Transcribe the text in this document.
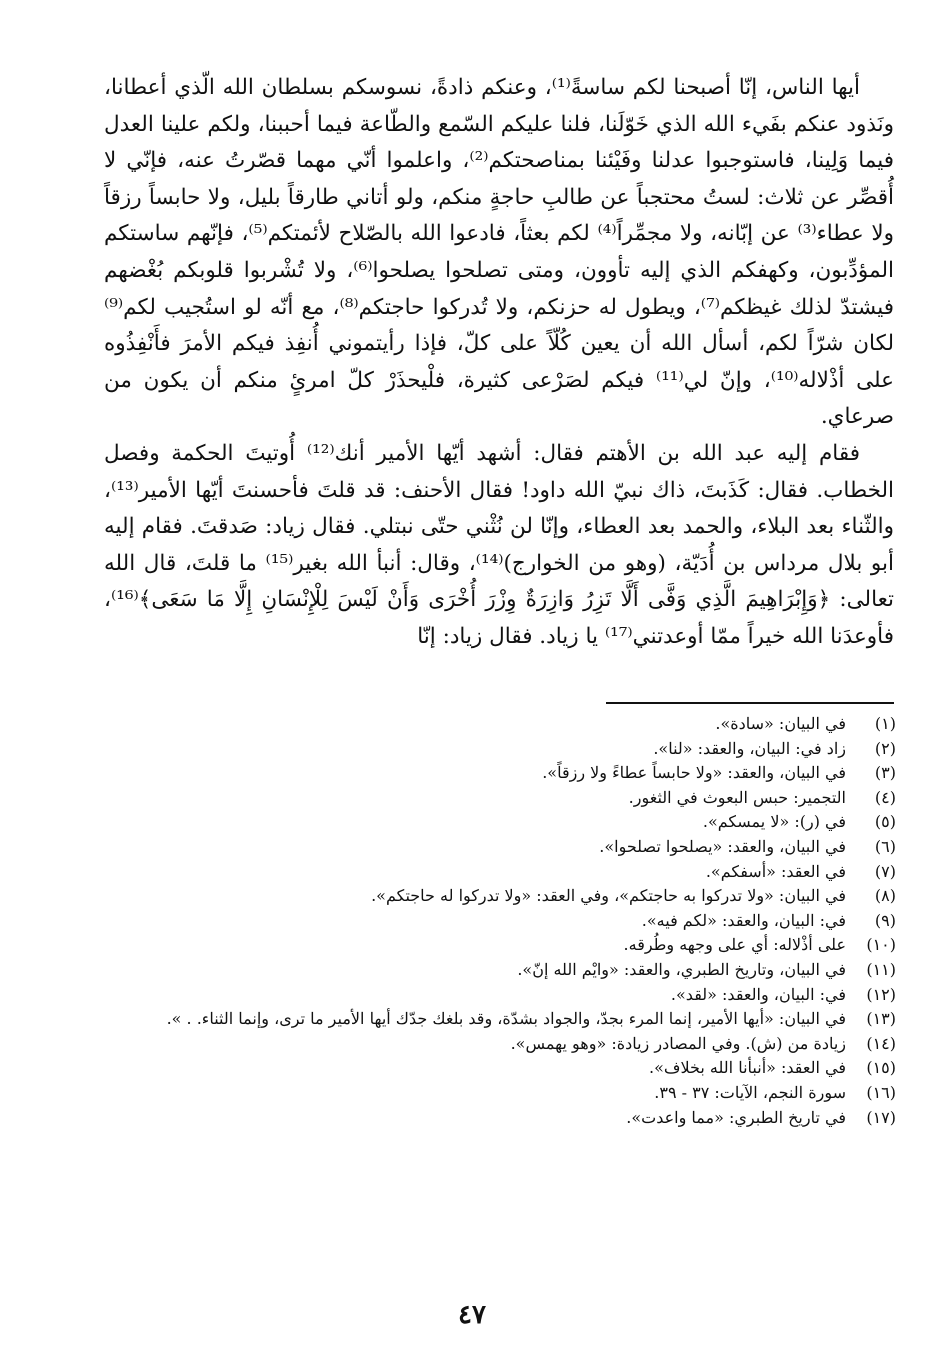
أيها الناس، إنّا أصبحنا لكم ساسةً⁽¹⁾، وعنكم ذادةً، نسوسكم بسلطان الله الّذي أعطانا، ونَذود عنكم بفَيء الله الذي خَوّلَنا، فلنا عليكم السّمع والطّاعة فيما أحببنا، ولكم علينا العدل فيما وَلِينا، فاستوجبوا عدلنا وفَيْئنا بمناصحتكم⁽²⁾، واعلموا أنّي مهما قصّرتُ عنه، فإنّي لا أُقصِّر عن ثلاث: لستُ محتجباً عن طالبِ حاجةٍ منكم، ولو أتاني طارقاً بليل، ولا حابساً رزقاً ولا عطاء⁽³⁾ عن إبّانه، ولا مجمِّراً⁽⁴⁾ لكم بعثاً، فادعوا الله بالصّلاح لأئمتكم⁽⁵⁾، فإنّهم ساستكم المؤدِّبون، وكهفكم الذي إليه تأوون، ومتى تصلحوا يصلحوا⁽⁶⁾، ولا تُشْربوا قلوبكم بُغْضهم فيشتدّ لذلك غيظكم⁽⁷⁾، ويطول له حزنكم، ولا تُدركوا حاجتكم⁽⁸⁾، مع أنّه لو استُجيب لكم⁽⁹⁾ لكان شرّاً لكم، أسأل الله أن يعين كُلّاً على كلّ، فإذا رأيتموني أُنفِذ فيكم الأمرَ فأَنْفِذُوه على أذْلاله⁽¹⁰⁾، وإنّ لي⁽¹¹⁾ فيكم لصَرْعى كثيرة، فلْيحذَرْ كلّ امرئٍ منكم أن يكون من صرعاي.

فقام إليه عبد الله بن الأهتم فقال: أشهد أيّها الأمير أنك⁽¹²⁾ أُوتيتَ الحكمة وفصل الخطاب. فقال: كَذَبتَ، ذاك نبيّ الله داود! فقال الأحنف: قد قلتَ فأحسنتَ أيّها الأمير⁽¹³⁾، والثّناء بعد البلاء، والحمد بعد العطاء، وإنّا لن نُثْني حتّى نبتلي. فقال زياد: صَدقتَ. فقام إليه أبو بلال مرداس بن أُدَيّة، (وهو من الخوارج)⁽¹⁴⁾، وقال: أنبأ الله بغير⁽¹⁵⁾ ما قلتَ، قال الله تعالى: ﴿وَإِبْرَاهِيمَ الَّذِي وَفَّى أَلَّا تَزِرُ وَازِرَةٌ وِزْرَ أُخْرَى وَأَنْ لَيْسَ لِلْإِنْسَانِ إِلَّا مَا سَعَى﴾⁽¹⁶⁾، فأوعدَنا الله خيراً ممّا أوعدتني⁽¹⁷⁾ يا زياد. فقال زياد: إنّا

(١)
في البيان: «سادة».
(٢)
زاد في: البيان، والعقد: «لنا».
(٣)
في البيان، والعقد: «ولا حابساً عطاءً ولا رزقاً».
(٤)
التجمير: حبس البعوث في الثغور.
(٥)
في (ر): «لا يمسكم».
(٦)
في البيان، والعقد: «يصلحوا تصلحوا».
(٧)
في العقد: «أسفكم».
(٨)
في البيان: «ولا تدركوا به حاجتكم»، وفي العقد: «ولا تدركوا له حاجتكم».
(٩)
في: البيان، والعقد: «لكم فيه».
(١٠)
على أذْلاله: أي على وجهه وطُرقه.
(١١)
في البيان، وتاريخ الطبري، والعقد: «وايْم الله إنّ».
(١٢)
في: البيان، والعقد: «لقد».
(١٣)
في البيان: «أيها الأمير، إنما المرء بجدّ، والجواد بشدّة، وقد بلغك جدّك أيها الأمير ما ترى، وإنما الثناء. . ».
(١٤)
زيادة من (ش). وفي المصادر زيادة: «وهو يهمس».
(١٥)
في العقد: «أنبأنا الله بخلاف».
(١٦)
سورة النجم، الآيات: ٣٧ - ٣٩.
(١٧)
في تاريخ الطبري: «مما واعدت».
٤٧
